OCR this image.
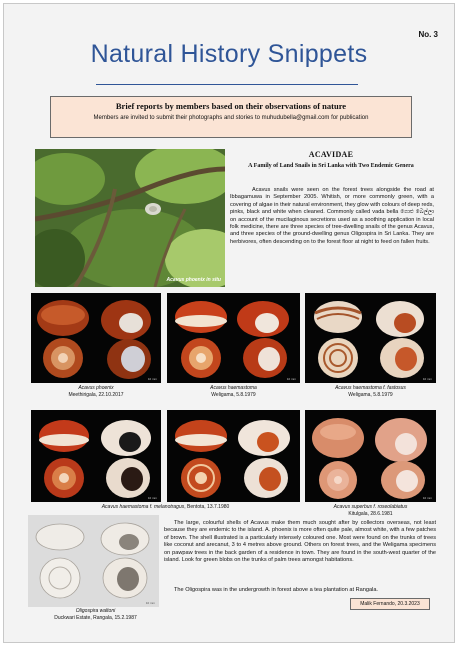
No. 3
Natural History Snippets
Brief reports by members based on their observations of nature
Members are invited to submit their photographs and stories to muhudubella@gmail.com for publication
Acavus phoenix in situ
ACAVIDAE
A Family of Land Snails in Sri Lanka with Two Endemic Genera
Acavus snails were seen on the forest trees alongside the road at Ibbagamuwa in September 2005. Whitish, or more commonly green, with a covering of algae in their natural environment, they glow with colours of deep reds, pinks, black and white when cleaned. Commonly called vada bella ගොළු බෙල්ලා on account of the mucilaginous secretions used as a soothing application in local folk medicine, there are three species of tree-dwelling snails of the genus Acavus, and three species of the ground-dwelling genus Oligospira in Sri Lanka. They are herbivores, often descending on to the forest floor at night to feed on fallen fruits.
10 mm	10 mm	10 mm
Acavus phoenix
Meethirigala, 22.10.2017
Acavus haemastoma
Weligama, 5.8.1979
Acavus haemastoma f. fastosus
Weligama, 5.8.1979
10 mm	10 mm
Acavus haemastoma f. melanotragus, Bentota, 13.7.1980	Acavus superbus f. roseolabiatus
Kitulgala, 28.6.1981
10 mm
Oligospira waltoni
Duckwari Estate, Rangala, 15.2.1987
The large, colourful shells of Acavus make them much sought after by collectors overseas, not least because they are endemic to the island. A. phoenix is more often quite pale, almost white, with a few patches of brown. The shell illustrated is a particularly intensely coloured one. Most were found on the trunks of trees like coconut and arecanut, 3 to 4 metres above ground. Others on forest trees, and the Weligama specimens on pawpaw trees in the back garden of a residence in town. They are found in the south-west quarter of the island. Look for green blobs on the trunks of palm trees amongst habitations.
The Oligospira was in the undergrowth in forest above a tea plantation at Rangala.
Malik Fernando, 20.3.2023
